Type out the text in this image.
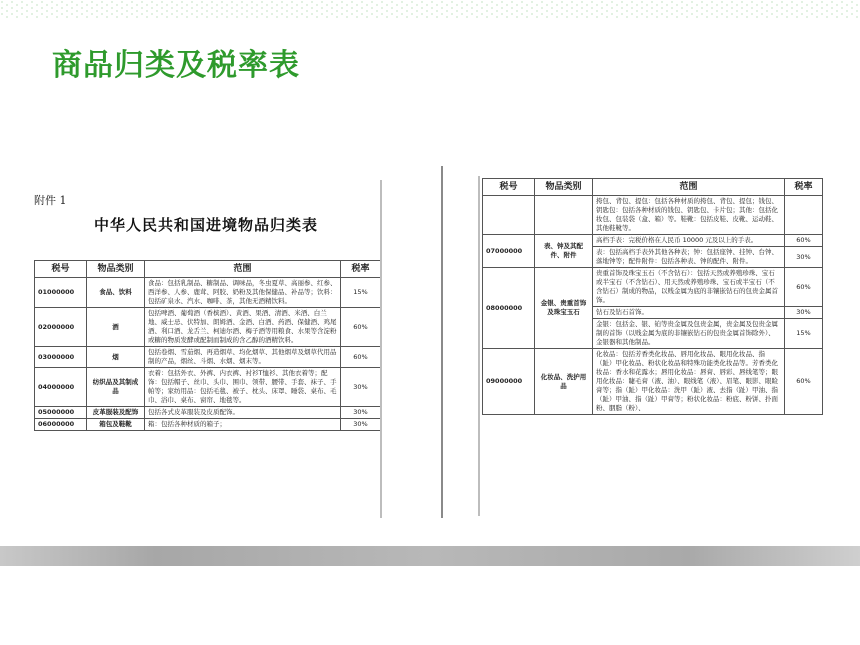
商品归类及税率表
附件 1
中华人民共和国进境物品归类表
税号	物品类别	范围	税率
01000000	食品、饮料	食品：包括乳制品、糖制品、调味品，冬虫夏草、高丽参、红参、西洋参、人参、鹿茸、阿胶、奶粉及其他保健品、补品等；饮料：包括矿泉水、汽水、咖啡、茶，其他无酒精饮料。	15%
02000000	酒	包括啤酒、葡萄酒（香槟酒）、黄酒、果酒、清酒、米酒、白兰地、威士忌、伏特加、朗姆酒、金酒、白酒、药酒、保健酒、鸡尾酒、利口酒、龙舌兰、柯迪尔酒、梅子酒等用粮食、水果等含淀粉或糖的物质发酵或配制而制成的含乙醇的酒精饮料。	60%
03000000	烟	包括卷烟、雪茄烟、再造烟草、均化烟草、其他烟草及烟草代用品制的产品，烟丝、斗烟、水烟、烟末等。	60%
04000000	纺织品及其制成品	衣着：包括外衣、外裤、内衣裤、衬衫T恤衫、其他衣着等；配饰：包括帽子、丝巾、头巾、围巾、领带、腰带、手套、袜子、手帕等；家纺用品：包括毛毯、被子、枕头、床罩、睡袋、桌布、毛巾、浴巾、桌布、窗帘、地毯等。	30%
05000000	皮革服装及配饰	包括各式皮革服装及皮质配饰。	30%
06000000	箱包及鞋靴	箱：包括各种材质的箱子；	30%
税号	物品类别	范围	税率
		挎包、背包、提包：包括各种材质的挎包、背包、提包；钱包、钥匙包：包括各种材质的钱包、钥匙包、卡片包；其他：包括化妆包、包装袋（盒、箱）等。鞋靴：包括皮鞋、皮靴、运动鞋、其他鞋靴等。	
07000000	表、钟及其配件、附件	高档手表：完税价格在人民币 10000 元及以上的手表。	60%
		表：包括高档手表外其他各种表；钟：包括座钟、挂钟、台钟、落地钟等；配件附件：包括各种表、钟的配件、附件。	30%
08000000	金银、贵重首饰及珠宝玉石	贵重首饰及珠宝玉石（不含钻石）：包括天然或养殖珍珠、宝石或半宝石（不含钻石）、用天然或养殖珍珠、宝石或半宝石（不含钻石）制成的物品，以贱金属为底的非镶嵌钻石的包贵金属首饰。	60%
		钻石及钻石首饰。	30%
		金银：包括金、银、铂等贵金属及包贵金属，贵金属及包贵金属制的首饰（以贱金属为底的非镶嵌钻石的包贵金属首饰除外）、金银器和其他制品。	15%
09000000	化妆品、洗护用品	化妆品：包括芳香类化妆品、唇用化妆品、眼用化妆品、指（趾）甲化妆品、粉状化妆品和特殊功能类化妆品等。芳香类化妆品：香水和花露水；唇用化妆品：唇膏、唇彩、唇线笔等；眼用化妆品：睫毛膏（液、油）、眼线笔（液）、眉笔、眼影、眼睑膏等；指（趾）甲化妆品：洗甲（趾）液、去指（趾）甲油、指（趾）甲油、指（趾）甲膏等；粉状化妆品：粉底、粉饼、扑面粉、胭脂（粉）、	60%
